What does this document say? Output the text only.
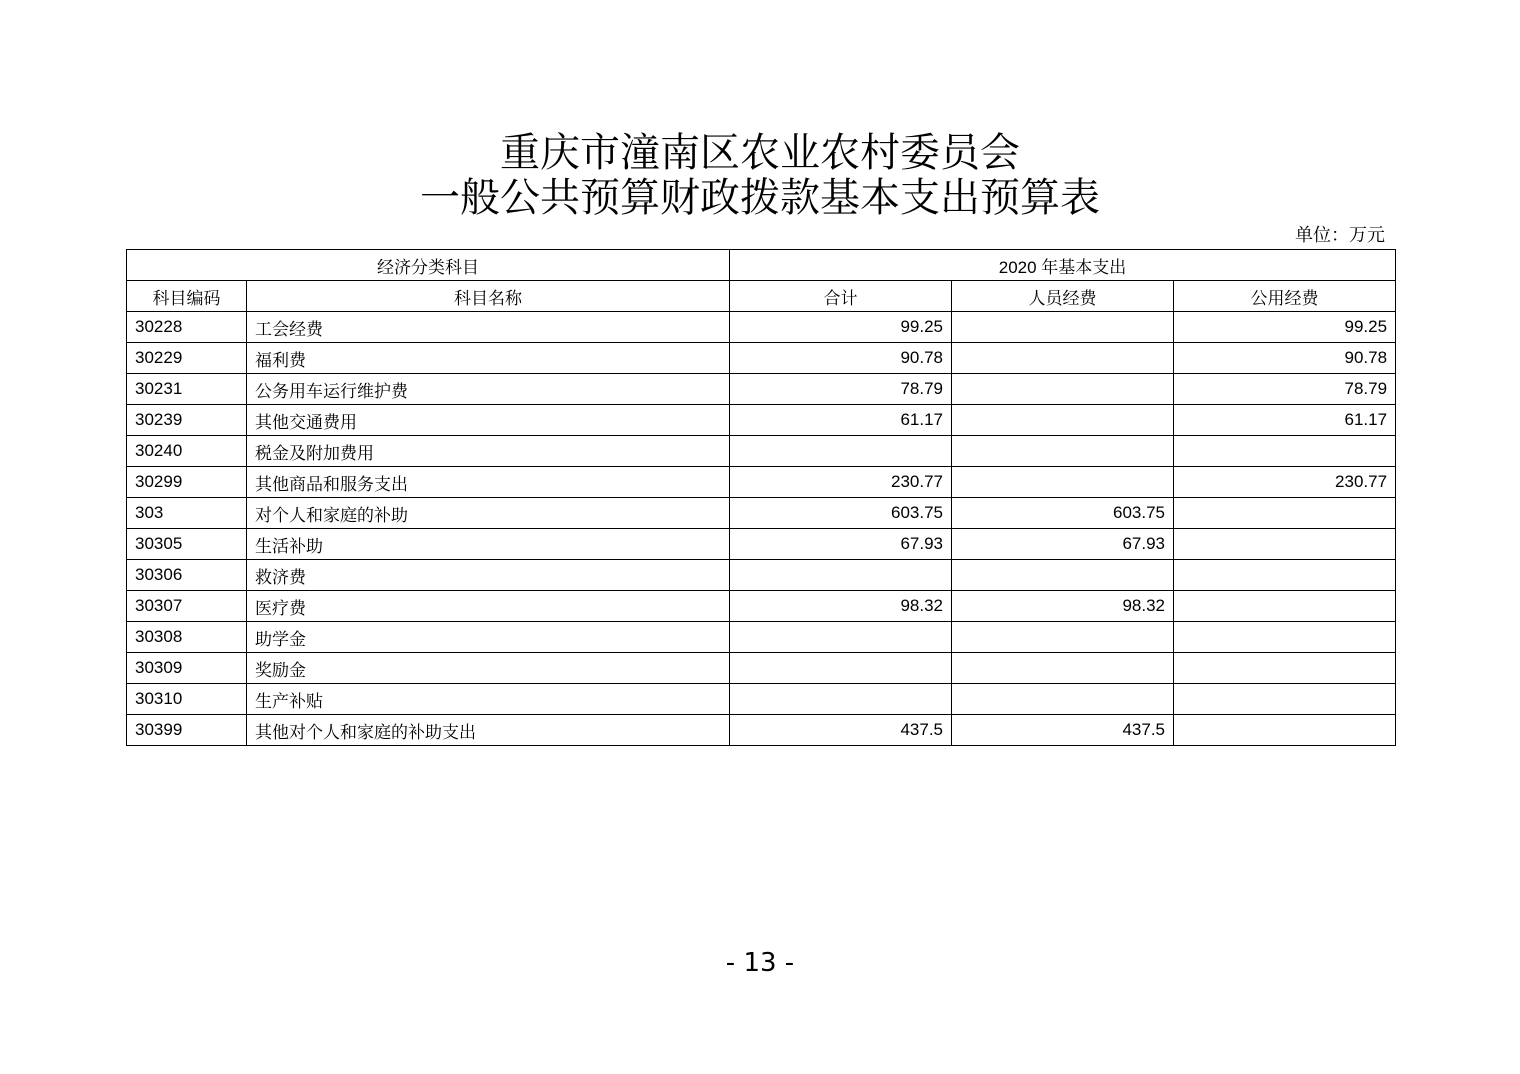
重庆市潼南区农业农村委员会
一般公共预算财政拨款基本支出预算表
单位：万元
经济分类科目		2020 年基本支出		
科目编码	科目名称	合计	人员经费	公用经费
30228	工会经费	99.25		99.25
30229	福利费	90.78		90.78
30231	公务用车运行维护费	78.79		78.79
30239	其他交通费用	61.17		61.17
30240	税金及附加费用			
30299	其他商品和服务支出	230.77		230.77
303	对个人和家庭的补助	603.75	603.75	
30305	生活补助	67.93	67.93	
30306	救济费			
30307	医疗费	98.32	98.32	
30308	助学金			
30309	奖励金			
30310	生产补贴			
30399	其他对个人和家庭的补助支出	437.5	437.5	
- 13 -
